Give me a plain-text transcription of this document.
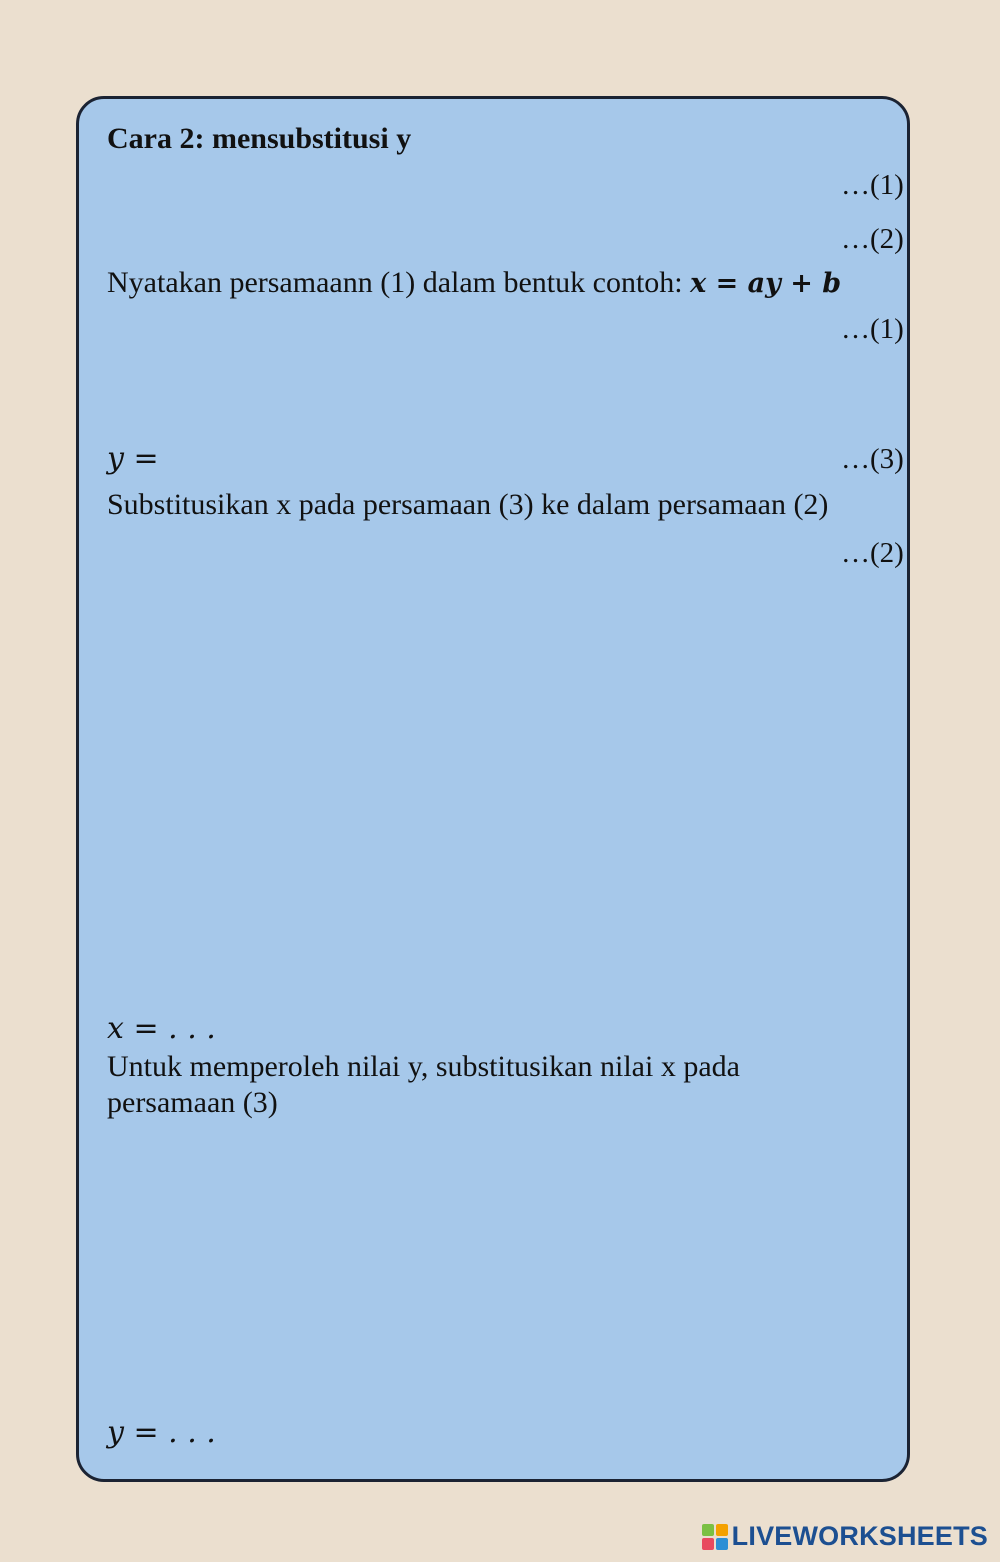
Cara 2: mensubstitusi y
…(1)
…(2)
Nyatakan persamaann (1) dalam bentuk contoh: x = ay + b
…(1)
y =	…(3)
Substitusikan x pada persamaan (3) ke dalam persamaan (2)
…(2)
x = . . .
Untuk memperoleh nilai y, substitusikan nilai x pada
persamaan (3)
y = . . .
LIVEWORKSHEETS
